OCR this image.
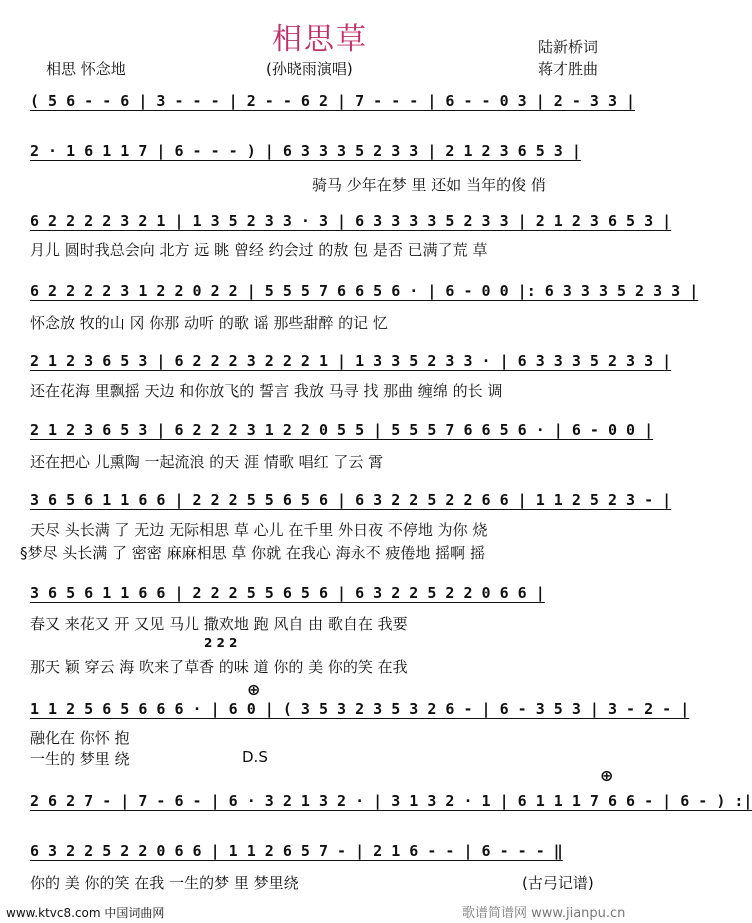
相思草
相思 怀念地	(孙晓雨演唱)
陆新桥词
蒋才胜曲
( 5 6 - - 6 | 3 - - - | 2 - - 6 2 | 7 - - - | 6 - - 0 3 | 2 - 3 3 |
2 · 1 6 1 1 7 | 6 - - - ) | 6 3 3 3 5 2 3 3 | 2 1 2 3 6 5 3 |
骑马 少年在梦 里 还如 当年的俊 俏
6 2 2 2 2 3 2 1 | 1 3 5 2 3 3 · 3 | 6 3 3 3 3 5 2 3 3 | 2 1 2 3 6 5 3 |
月儿 圆时我总会向 北方 远 眺 曾经 约会过 的敖 包 是否 已满了荒 草
6 2 2 2 2 3 1 2 2 0 2 2 | 5 5 5 7 6 6 5 6 · | 6 - 0 0 |: 6 3 3 3 5 2 3 3 |
怀念放 牧的山 冈 你那 动听 的歌 谣 那些甜醉 的记 忆
2 1 2 3 6 5 3 | 6 2 2 2 3 2 2 2 1 | 1 3 3 5 2 3 3 · | 6 3 3 3 5 2 3 3 |
还在花海 里飘摇 天边 和你放飞的 誓言 我放 马寻 找 那曲 缠绵 的长 调
2 1 2 3 6 5 3 | 6 2 2 2 3 1 2 2 0 5 5 | 5 5 5 7 6 6 5 6 · | 6 - 0 0 |
还在把心 儿熏陶 一起流浪 的天 涯 情歌 唱红 了云 霄
3 6 5 6 1 1 6 6 | 2 2 2 5 5 6 5 6 | 6 3 2 2 5 2 2 6 6 | 1 1 2 5 2 3 - |
天尽 头长满 了 无边 无际相思 草 心儿 在千里 外日夜 不停地 为你 烧
§梦尽 头长满 了 密密 麻麻相思 草 你就 在我心 海永不 疲倦地 摇啊 摇
3 6 5 6 1 1 6 6 | 2 2 2 5 5 6 5 6 | 6 3 2 2 5 2 2 0 6 6 |
春又 来花又 开 又见 马儿 撒欢地 跑 风自 由 歌自在 我要
2 2 2
那天 颖 穿云 海 吹来了草香 的味 道 你的 美 你的笑 在我
⊕
1 1 2 5 6 5 6 6 6 · | 6 0 | ( 3 5 3 2 3 5 3 2 6 - | 6 - 3 5 3 | 3 - 2 - |
融化在 你怀 抱
一生的 梦里 绕	D.S
⊕
2 6 2 7 - | 7 - 6 - | 6 · 3 2 1 3 2 · | 3 1 3 2 · 1 | 6 1 1 1 7 6 6 - | 6 - ) :|
6 3 2 2 5 2 2 0 6 6 | 1 1 2 6 5 7 - | 2 1 6 - - | 6 - - - ‖
你的 美 你的笑 在我 一生的梦 里 梦里绕	(古弓记谱)
www.ktvc8.com 中国词曲网	歌谱简谱网 www.jianpu.cn
